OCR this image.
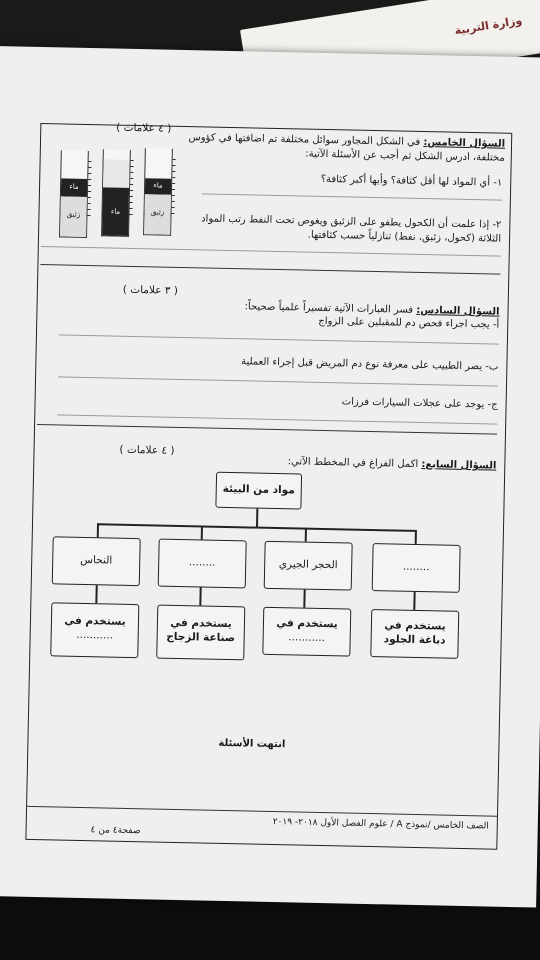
وزارة التربية
السؤال الخامس: في الشكل المجاور سوائل مختلفة تم اضافتها في كؤوس مختلفة، ادرس الشكل ثم أجب عن الأسئلة الآتية:
( ٤ علامات )
ماء
زئبق	ماء
ماء
زئبق
١- أي المواد لها أقل كثافة؟ وأيها أكبر كثافة؟
٢- إذا علمت أن الكحول يطفو على الزئبق ويغوص تحت النفط رتب المواد
الثلاثة (كحول، زئبق، نفط) تنازلياً حسب كثافتها.
( ٣ علامات )
السؤال السادس: فسر العبارات الآتية تفسيراً علمياً صحيحاً:
أ- يجب اجراء فحص دم للمقبلين على الزواج
ب- يصر الطبيب على معرفة نوع دم المريض قبل إجراء العملية
ج- يوجد على عجلات السيارات فرزات
( ٤ علامات )
السؤال السابع: اكمل الفراغ في المخطط الآتي:
مواد من البيئة
النحاس	........	الحجر الجيري	........
يستخدم في
...........
يستخدم في
صناعة الزجاج
يستخدم في
...........
يستخدم في
دباغة الجلود
انتهت الأسئلة
الصف الخامس /نموذج A / علوم الفصل الأول ٢٠١٨- ٢٠١٩
صفحة٤ من ٤
